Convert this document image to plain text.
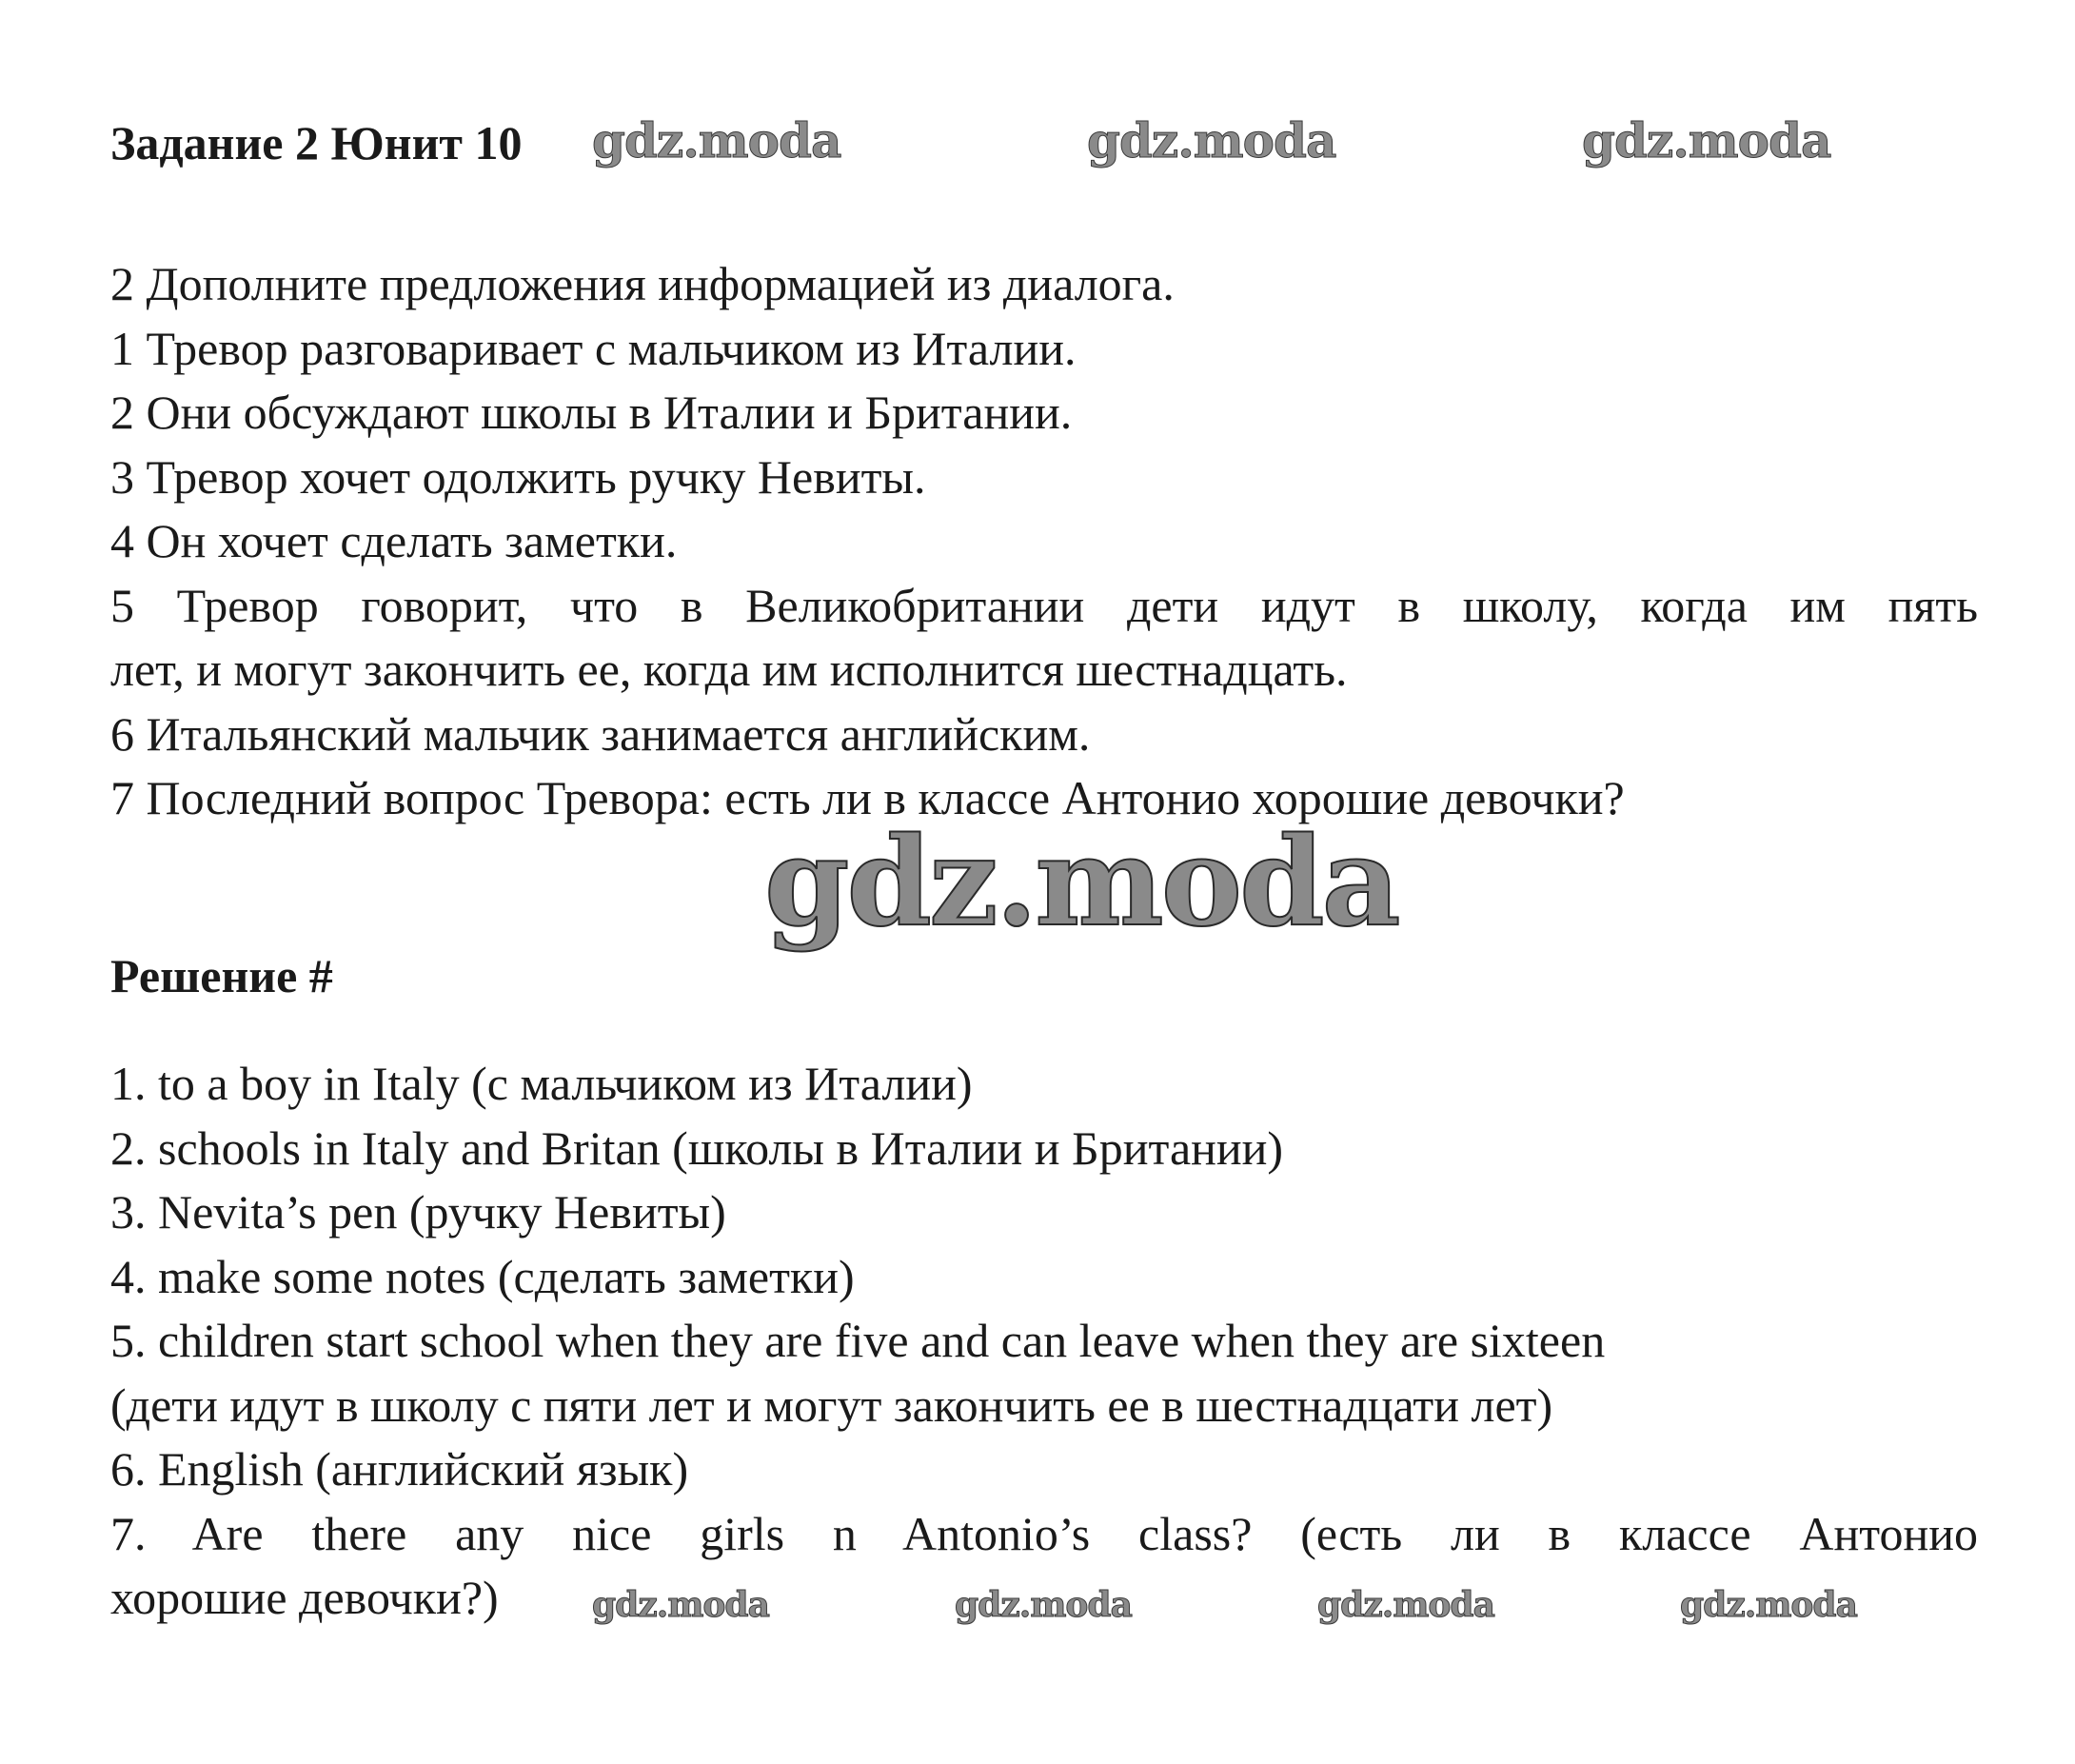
Задание 2 Юнит 10 gdz.moda	gdz.moda	gdz.moda
2 Дополните предложения информацией из диалога.
1 Тревор разговаривает с мальчиком из Италии.
2 Они обсуждают школы в Италии и Британии.
3 Тревор хочет одолжить ручку Невиты.
4 Он хочет сделать заметки.
5 Тревор говорит, что в Великобритании дети идут в школу, когда им пять
лет, и могут закончить ее, когда им исполнится шестнадцать.
6 Итальянский мальчик занимается английским.
7 Последний вопрос Тревора: есть ли в классе Антонио хорошие девочки?
gdz.moda
Решение #
1. to a boy in Italy (с мальчиком из Италии)
2. schools in Italy and Britan (школы в Италии и Британии)
3. Nevita’s pen (ручку Невиты)
4. make some notes (сделать заметки)
5. children start school when they are five and can leave when they are sixteen
(дети идут в школу с пяти лет и могут закончить ее в шестнадцати лет)
6. English (английский язык)
7. Are there any nice girls n Antonio’s class? (есть ли в классе Антонио
хорошие девочки?)	gdz.moda	gdz.moda	gdz.moda	gdz.moda
